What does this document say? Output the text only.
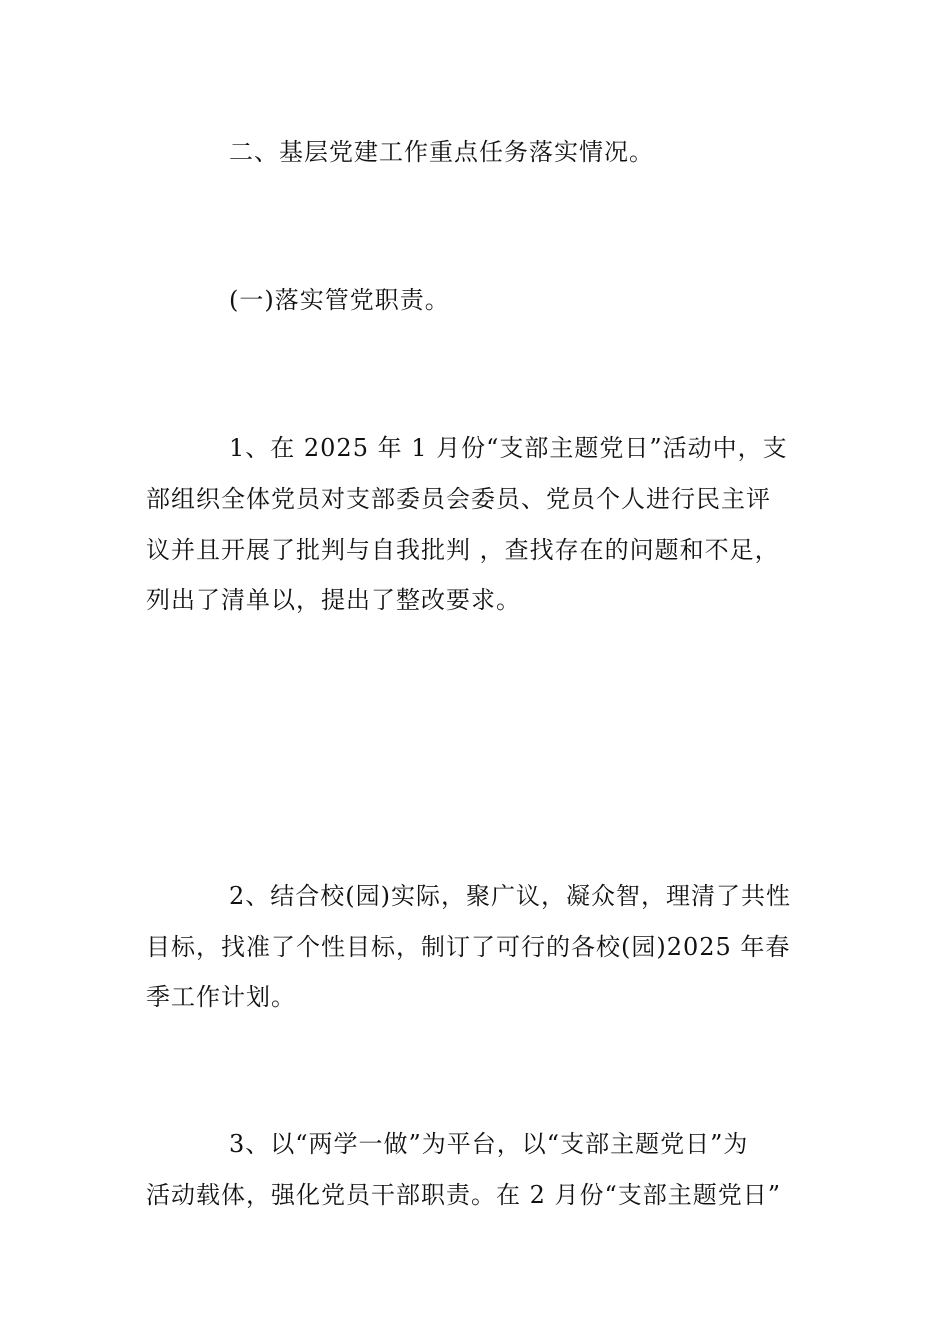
二、基层党建工作重点任务落实情况。
(一)落实管党职责。
1、在 2025 年 1 月份“支部主题党日”活动中，支
部组织全体党员对支部委员会委员、党员个人进行民主评
议并且开展了批判与自我批判 ，查找存在的问题和不足，
列出了清单以，提出了整改要求。
2、结合校(园)实际，聚广议，凝众智，理清了共性
目标，找准了个性目标，制订了可行的各校(园)2025 年春
季工作计划。
3、以“两学一做”为平台，以“支部主题党日”为
活动载体，强化党员干部职责。在 2 月份“支部主题党日”
